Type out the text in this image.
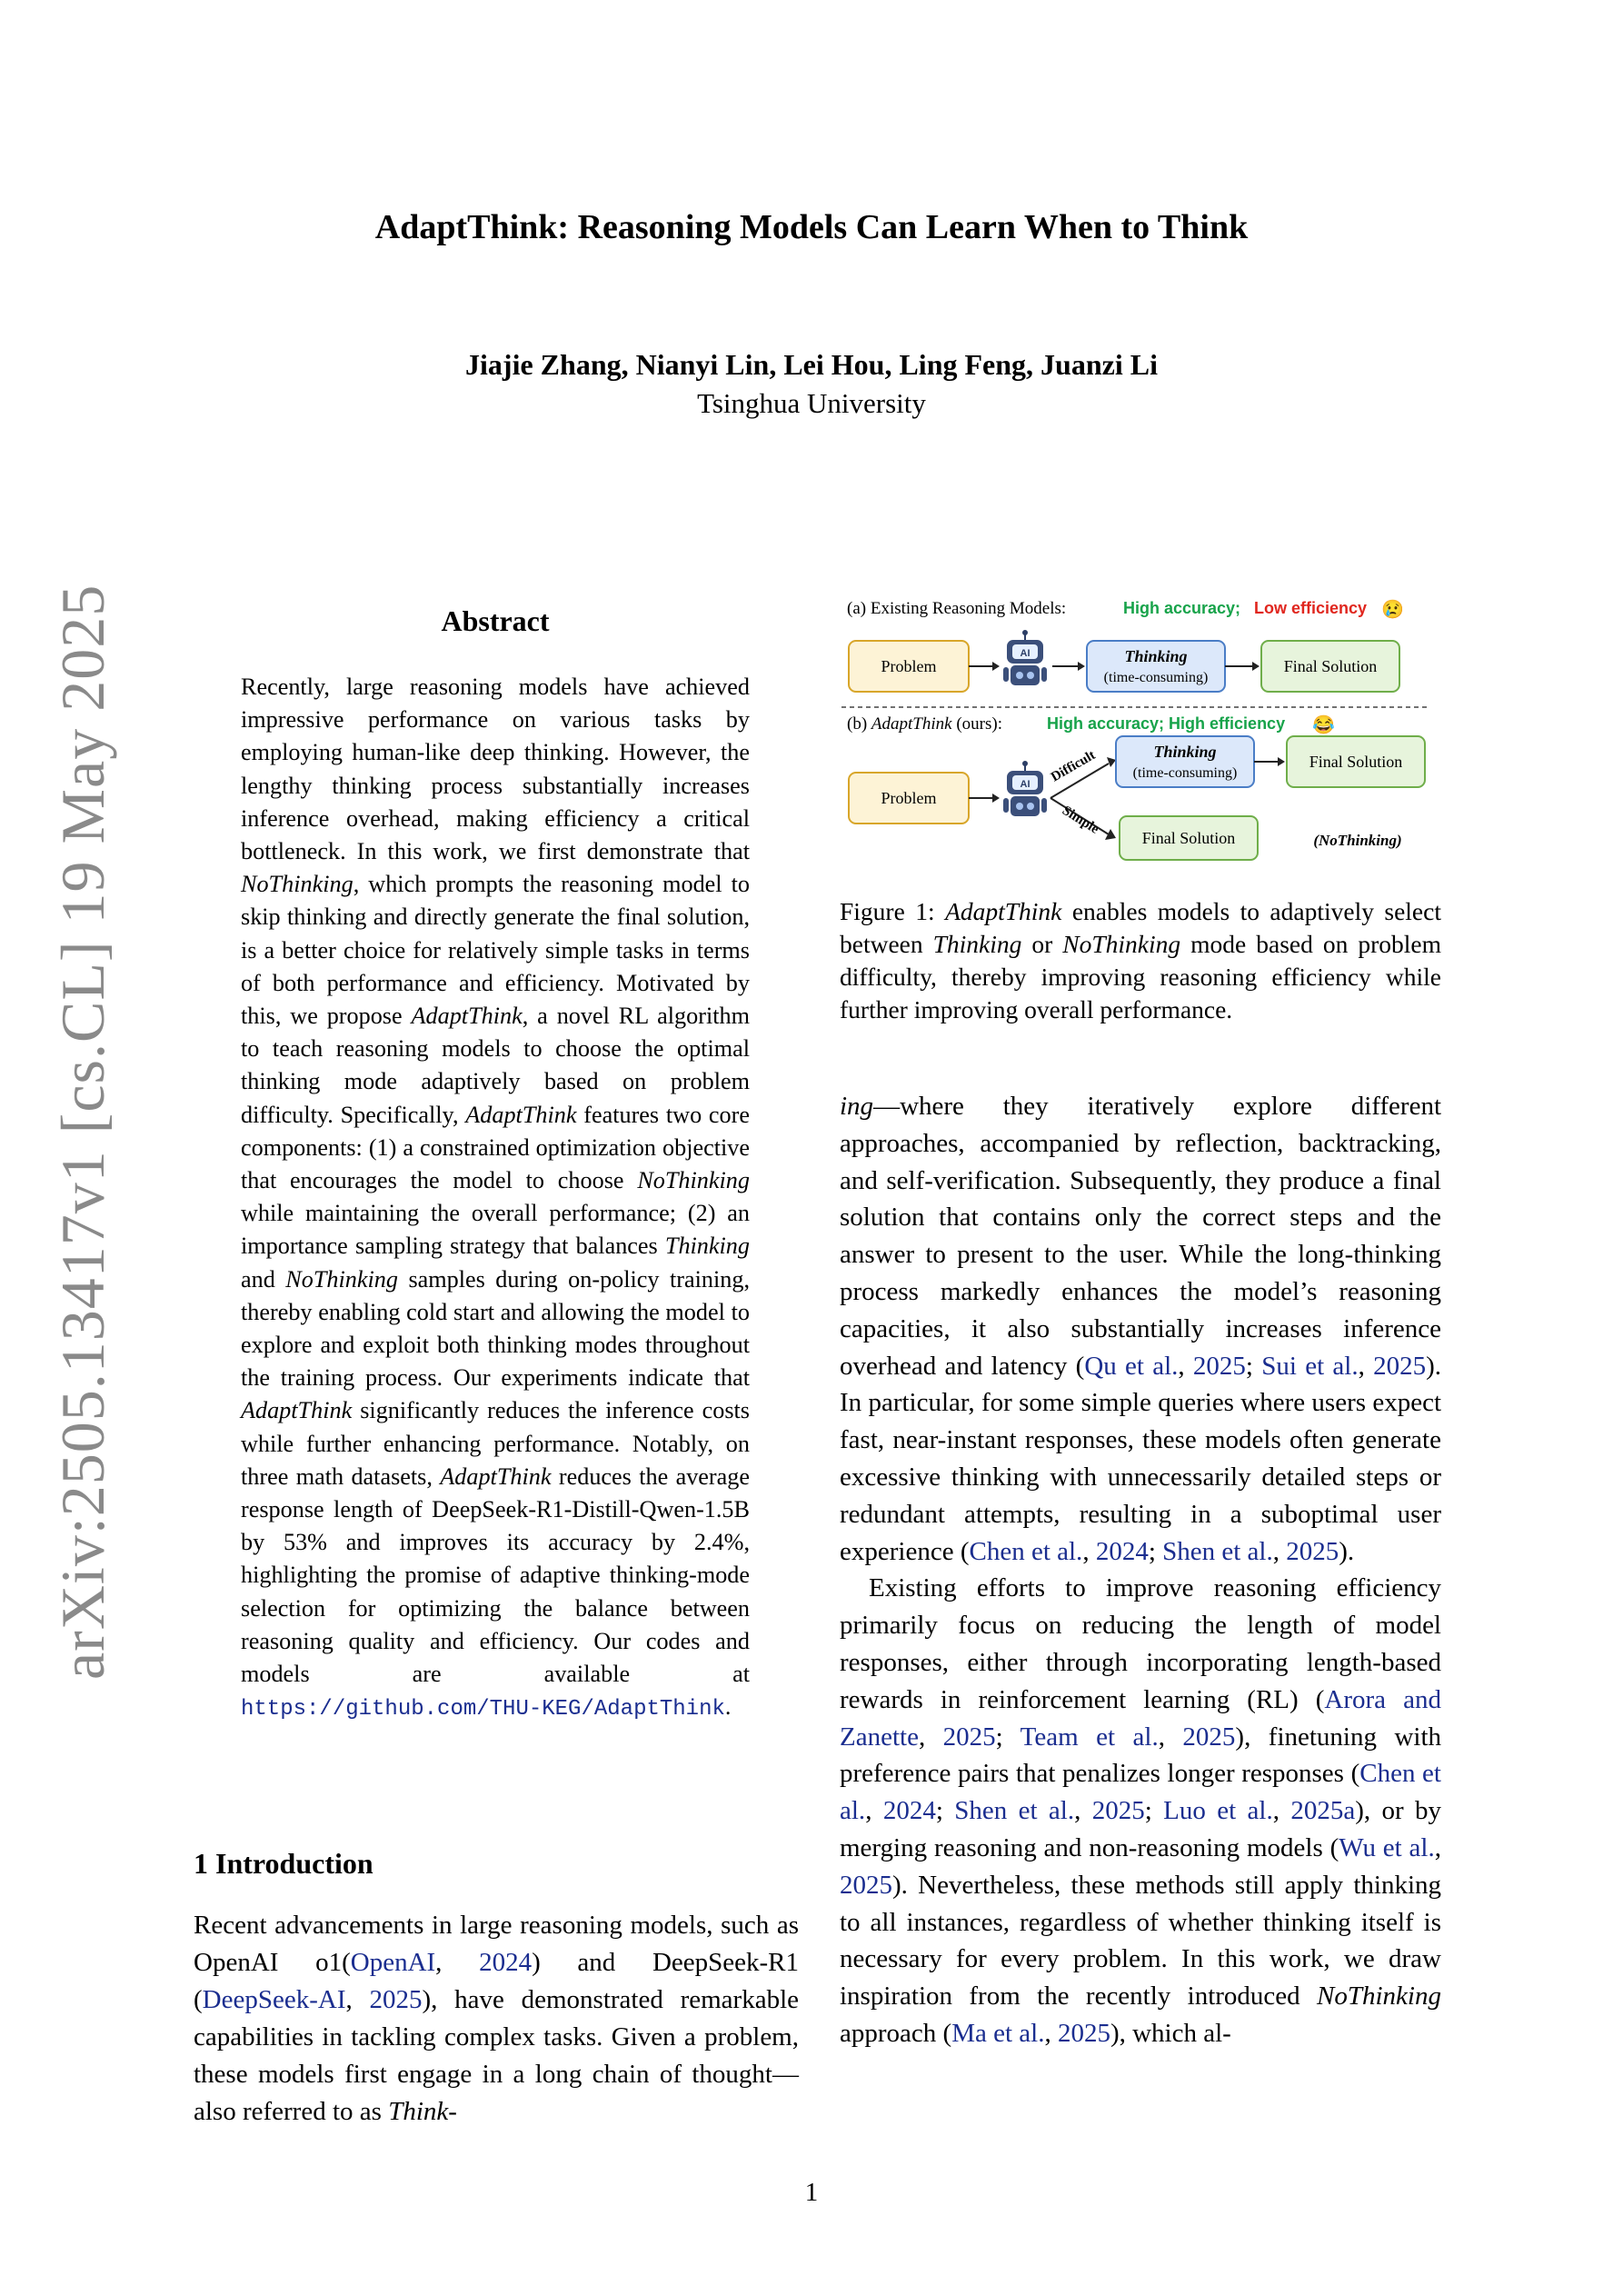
AdaptThink: Reasoning Models Can Learn When to Think
Jiajie Zhang, Nianyi Lin, Lei Hou, Ling Feng, Juanzi Li
Tsinghua University
arXiv:2505.13417v1 [cs.CL] 19 May 2025	Abstract

Recently, large reasoning models have achieved impressive performance on various tasks by employing human-like deep thinking. However, the lengthy thinking process substantially increases inference overhead, making efficiency a critical bottleneck. In this work, we first demonstrate that NoThinking, which prompts the reasoning model to skip thinking and directly generate the final solution, is a better choice for relatively simple tasks in terms of both performance and efficiency. Motivated by this, we propose AdaptThink, a novel RL algorithm to teach reasoning models to choose the optimal thinking mode adaptively based on problem difficulty. Specifically, AdaptThink features two core components: (1) a constrained optimization objective that encourages the model to choose NoThinking while maintaining the overall performance; (2) an importance sampling strategy that balances Thinking and NoThinking samples during on-policy training, thereby enabling cold start and allowing the model to explore and exploit both thinking modes throughout the training process. Our experiments indicate that AdaptThink significantly reduces the inference costs while further enhancing performance. Notably, on three math datasets, AdaptThink reduces the average response length of DeepSeek-R1-Distill-Qwen-1.5B by 53% and improves its accuracy by 2.4%, highlighting the promise of adaptive thinking-mode selection for optimizing the balance between reasoning quality and efficiency. Our codes and models are available at https://github.com/THU-KEG/AdaptThink.

1 Introduction

Recent advancements in large reasoning models, such as OpenAI o1(OpenAI, 2024) and DeepSeek-R1 (DeepSeek-AI, 2025), have demonstrated remarkable capabilities in tackling complex tasks. Given a problem, these models first engage in a long chain of thought—also referred to as Think-

(a) Existing Reasoning Models:	High accuracy; Low efficiency 😢
Problem
AI	Thinking
(time-consuming)
Final Solution
(b) AdaptThink (ours):	High accuracy; High efficiency 😂
Problem
AI Difficult
Simple
Thinking
(time-consuming)
Final Solution
Final Solution	(NoThinking)
Figure 1: AdaptThink enables models to adaptively select between Thinking or NoThinking mode based on problem difficulty, thereby improving reasoning efficiency while further improving overall performance.

ing—where they iteratively explore different approaches, accompanied by reflection, backtracking, and self-verification. Subsequently, they produce a final solution that contains only the correct steps and the answer to present to the user. While the long-thinking process markedly enhances the model’s reasoning capacities, it also substantially increases inference overhead and latency (Qu et al., 2025; Sui et al., 2025). In particular, for some simple queries where users expect fast, near-instant responses, these models often generate excessive thinking with unnecessarily detailed steps or redundant attempts, resulting in a suboptimal user experience (Chen et al., 2024; Shen et al., 2025).

Existing efforts to improve reasoning efficiency primarily focus on reducing the length of model responses, either through incorporating length-based rewards in reinforcement learning (RL) (Arora and Zanette, 2025; Team et al., 2025), finetuning with preference pairs that penalizes longer responses (Chen et al., 2024; Shen et al., 2025; Luo et al., 2025a), or by merging reasoning and non-reasoning models (Wu et al., 2025). Nevertheless, these methods still apply thinking to all instances, regardless of whether thinking itself is necessary for every problem. In this work, we draw inspiration from the recently introduced NoThinking approach (Ma et al., 2025), which al-

1
